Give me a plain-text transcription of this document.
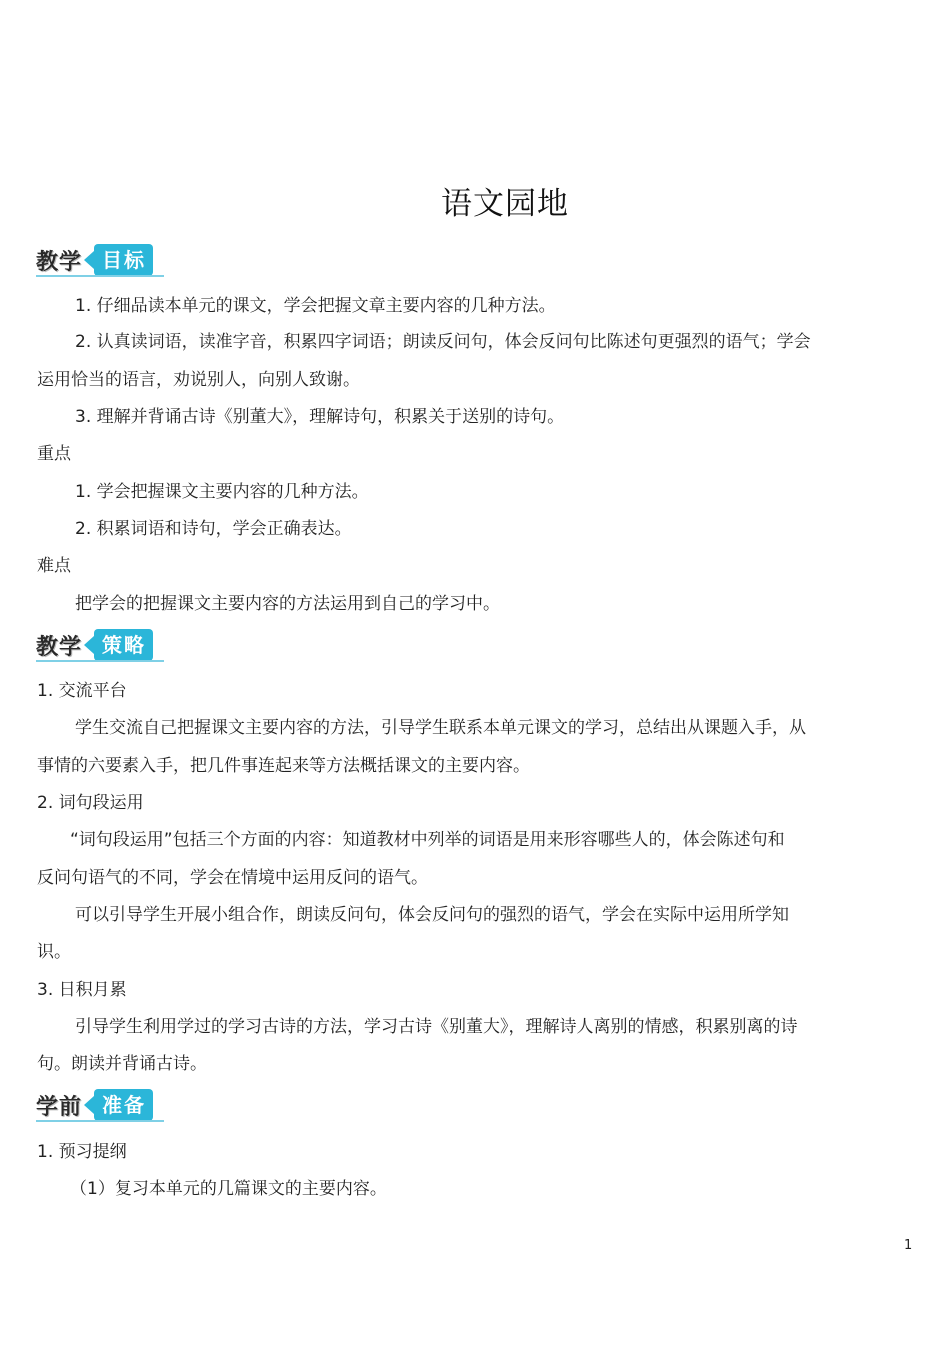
语文园地
教学	目标
1. 仔细品读本单元的课文，学会把握文章主要内容的几种方法。
2. 认真读词语，读准字音，积累四字词语；朗读反问句，体会反问句比陈述句更强烈的语气；学会
运用恰当的语言，劝说别人，向别人致谢。
3. 理解并背诵古诗《别董大》，理解诗句，积累关于送别的诗句。
重点
1. 学会把握课文主要内容的几种方法。
2. 积累词语和诗句，学会正确表达。
难点
把学会的把握课文主要内容的方法运用到自己的学习中。
教学	策略
1. 交流平台
学生交流自己把握课文主要内容的方法，引导学生联系本单元课文的学习，总结出从课题入手，从
事情的六要素入手，把几件事连起来等方法概括课文的主要内容。
2. 词句段运用
“词句段运用”包括三个方面的内容：知道教材中列举的词语是用来形容哪些人的，体会陈述句和
反问句语气的不同，学会在情境中运用反问的语气。
可以引导学生开展小组合作，朗读反问句，体会反问句的强烈的语气，学会在实际中运用所学知
识。
3. 日积月累
引导学生利用学过的学习古诗的方法，学习古诗《别董大》，理解诗人离别的情感，积累别离的诗
句。朗读并背诵古诗。
学前	准备
1. 预习提纲
（1）复习本单元的几篇课文的主要内容。
1
